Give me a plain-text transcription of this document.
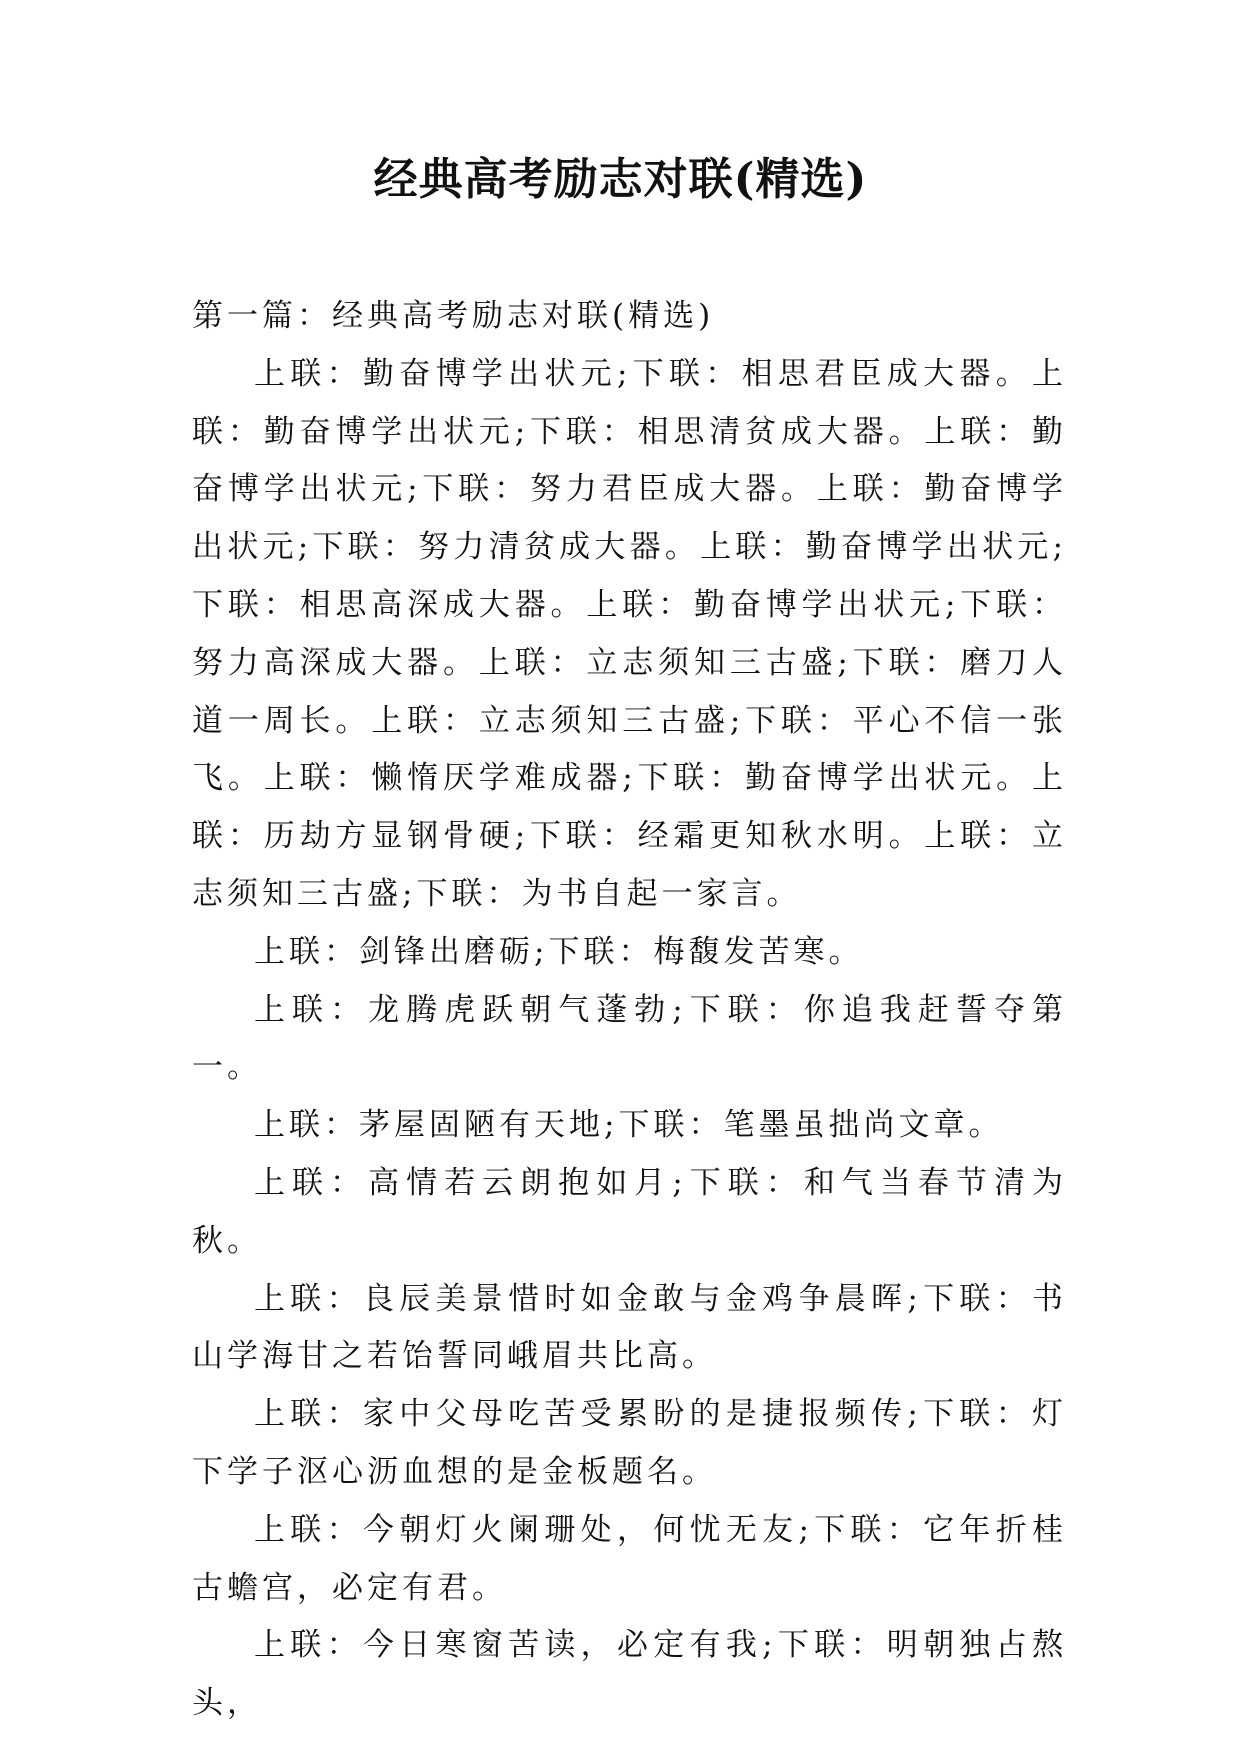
经典高考励志对联(精选)

第一篇：经典高考励志对联(精选)

上联：勤奋博学出状元;下联：相思君臣成大器。上联：勤奋博学出状元;下联：相思清贫成大器。上联：勤奋博学出状元;下联：努力君臣成大器。上联：勤奋博学出状元;下联：努力清贫成大器。上联：勤奋博学出状元;下联：相思高深成大器。上联：勤奋博学出状元;下联：努力高深成大器。上联：立志须知三古盛;下联：磨刀人道一周长。上联：立志须知三古盛;下联：平心不信一张飞。上联：懒惰厌学难成器;下联：勤奋博学出状元。上联：历劫方显钢骨硬;下联：经霜更知秋水明。上联：立志须知三古盛;下联：为书自起一家言。

上联：剑锋出磨砺;下联：梅馥发苦寒。

上联：龙腾虎跃朝气蓬勃;下联：你追我赶誓夺第一。

上联：茅屋固陋有天地;下联：笔墨虽拙尚文章。

上联：高情若云朗抱如月;下联：和气当春节清为秋。

上联：良辰美景惜时如金敢与金鸡争晨晖;下联：书山学海甘之若饴誓同峨眉共比高。

上联：家中父母吃苦受累盼的是捷报频传;下联：灯下学子沤心沥血想的是金板题名。

上联：今朝灯火阑珊处，何忧无友;下联：它年折桂古蟾宫，必定有君。

上联：今日寒窗苦读，必定有我;下联：明朝独占熬头，
